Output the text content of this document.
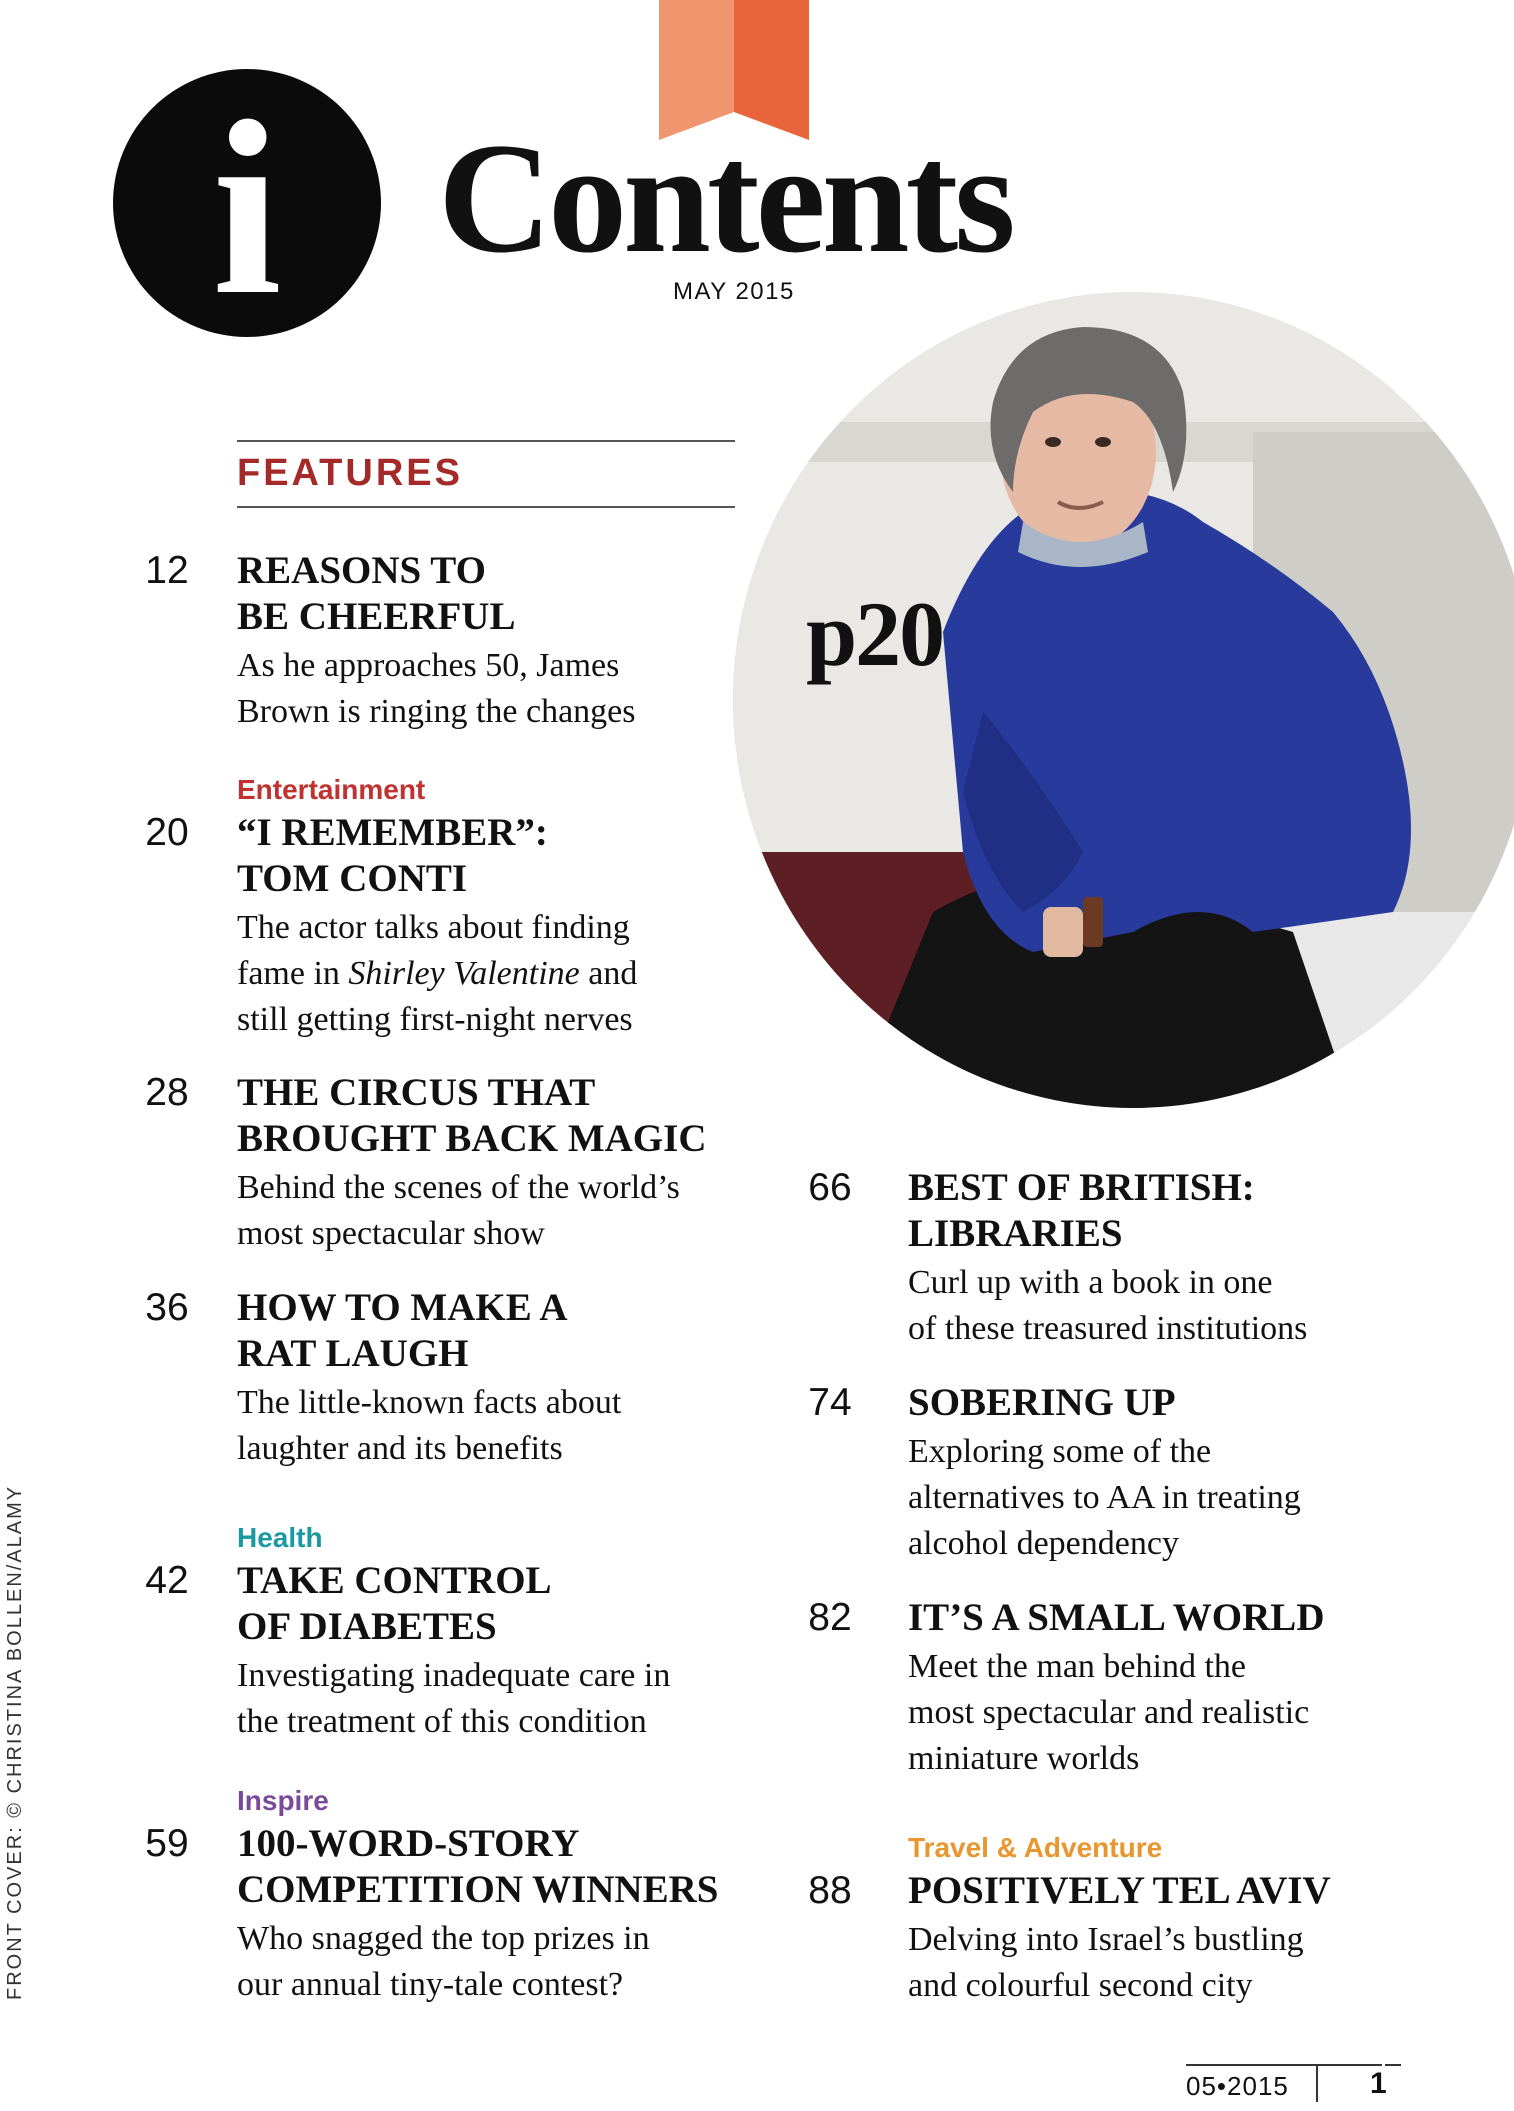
i Contents
MAY 2015
FEATURES
p20
12	REASONS TO
BE CHEERFUL
As he approaches 50, James
Brown is ringing the changes
Entertainment
20	“I REMEMBER”:
TOM CONTI
The actor talks about finding
fame in Shirley Valentine and
still getting first-night nerves
28	THE CIRCUS THAT
BROUGHT BACK MAGIC
Behind the scenes of the world’s
most spectacular show
36	HOW TO MAKE A
RAT LAUGH
The little-known facts about
laughter and its benefits
Health
42	TAKE CONTROL
OF DIABETES
Investigating inadequate care in
the treatment of this condition
Inspire
59	100-WORD-STORY
COMPETITION WINNERS
Who snagged the top prizes in
our annual tiny-tale contest?
66	BEST OF BRITISH:
LIBRARIES
Curl up with a book in one
of these treasured institutions
74	SOBERING UP
Exploring some of the
alternatives to AA in treating
alcohol dependency
82	IT’S A SMALL WORLD
Meet the man behind the
most spectacular and realistic
miniature worlds
Travel & Adventure
88	POSITIVELY TEL AVIV
Delving into Israel’s bustling
and colourful second city
FRONT COVER: © CHRISTINA BOLLEN/ALAMY
05•2015	1
